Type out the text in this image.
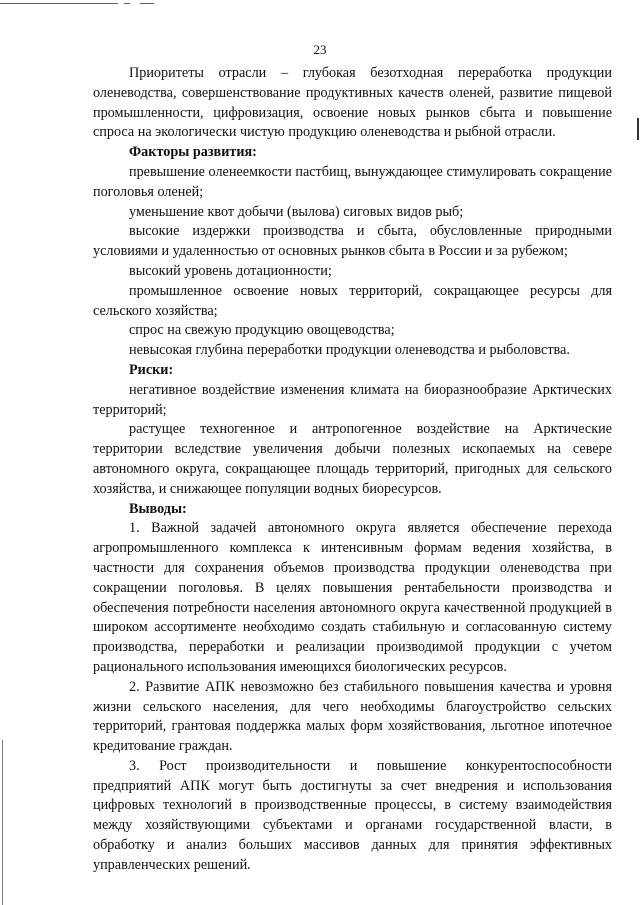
23

Приоритеты отрасли – глубокая безотходная переработка продукции оленеводства, совершенствование продуктивных качеств оленей, развитие пищевой промышленности, цифровизация, освоение новых рынков сбыта и повышение спроса на экологически чистую продукцию оленеводства и рыбной отрасли.

Факторы развития:

превышение оленеемкости пастбищ, вынуждающее стимулировать сокращение поголовья оленей;

уменьшение квот добычи (вылова) сиговых видов рыб;

высокие издержки производства и сбыта, обусловленные природными условиями и удаленностью от основных рынков сбыта в России и за рубежом;

высокий уровень дотационности;

промышленное освоение новых территорий, сокращающее ресурсы для сельского хозяйства;

спрос на свежую продукцию овощеводства;

невысокая глубина переработки продукции оленеводства и рыболовства.

Риски:

негативное воздействие изменения климата на биоразнообразие Арктических территорий;

растущее техногенное и антропогенное воздействие на Арктические территории вследствие увеличения добычи полезных ископаемых на севере автономного округа, сокращающее площадь территорий, пригодных для сельского хозяйства, и снижающее популяции водных биоресурсов.

Выводы:

1. Важной задачей автономного округа является обеспечение перехода агропромышленного комплекса к интенсивным формам ведения хозяйства, в частности для сохранения объемов производства продукции оленеводства при сокращении поголовья. В целях повышения рентабельности производства и обеспечения потребности населения автономного округа качественной продукцией в широком ассортименте необходимо создать стабильную и согласованную систему производства, переработки и реализации производимой продукции с учетом рационального использования имеющихся биологических ресурсов.

2. Развитие АПК невозможно без стабильного повышения качества и уровня жизни сельского населения, для чего необходимы благоустройство сельских территорий, грантовая поддержка малых форм хозяйствования, льготное ипотечное кредитование граждан.

3. Рост производительности и повышение конкурентоспособности предприятий АПК могут быть достигнуты за счет внедрения и использования цифровых технологий в производственные процессы, в систему взаимодействия между хозяйствующими субъектами и органами государственной власти, в обработку и анализ больших массивов данных для принятия эффективных управленческих решений.
